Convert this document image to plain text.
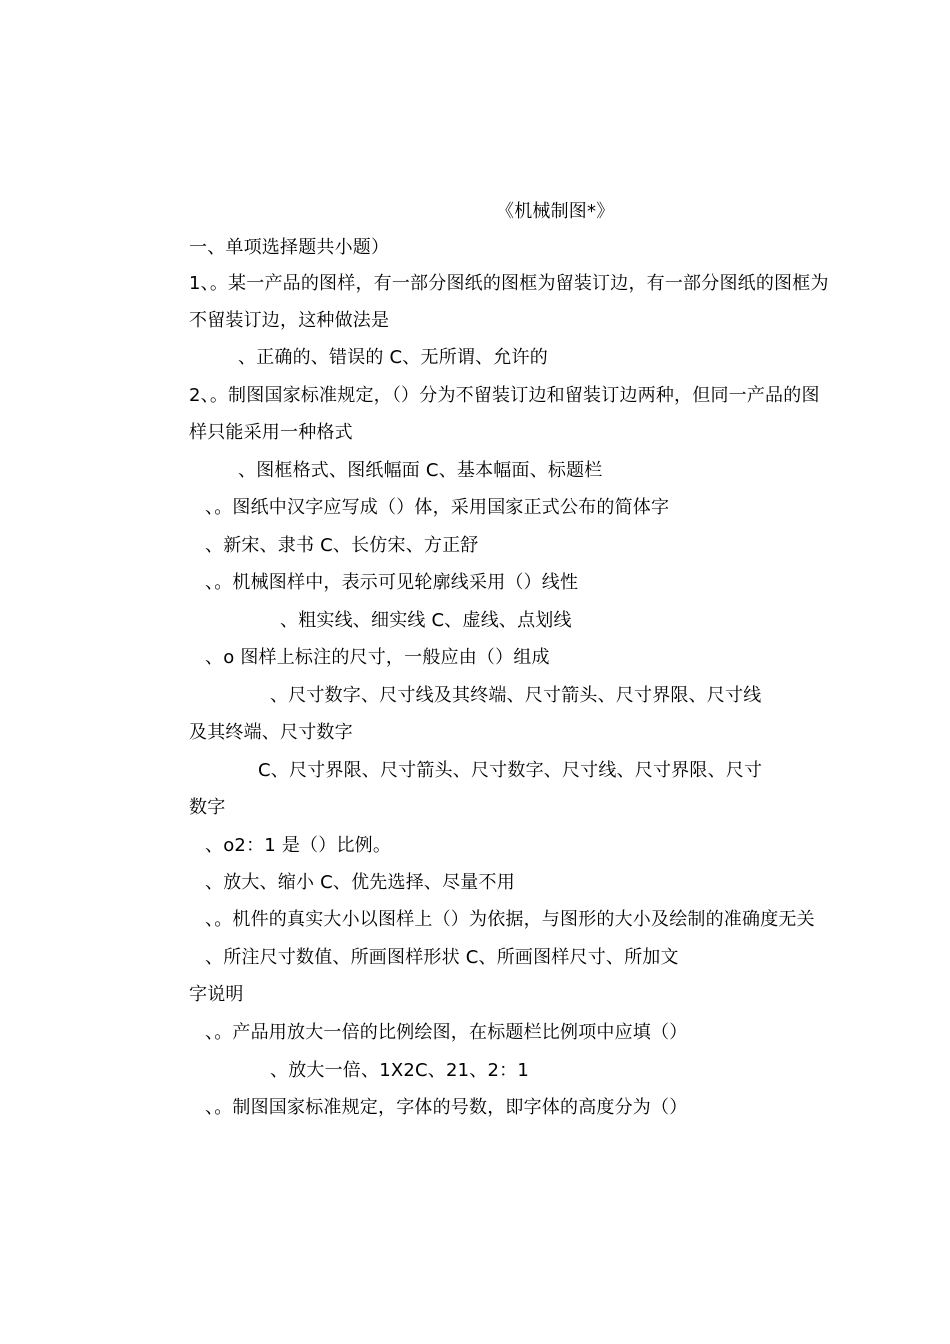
《机械制图*》
一、单项选择题共小题）
1、。某一产品的图样，有一部分图纸的图框为留装订边，有一部分图纸的图框为
不留装订边，这种做法是
、正确的、错误的 C、无所谓、允许的
2、。制图国家标准规定，（）分为不留装订边和留装订边两种，但同一产品的图
样只能采用一种格式
、图框格式、图纸幅面 C、基本幅面、标题栏
、。图纸中汉字应写成（）体，采用国家正式公布的简体字
、新宋、隶书 C、长仿宋、方正舒
、。机械图样中，表示可见轮廓线采用（）线性
、粗实线、细实线 C、虚线、点划线
、o 图样上标注的尺寸，一般应由（）组成
、尺寸数字、尺寸线及其终端、尺寸箭头、尺寸界限、尺寸线
及其终端、尺寸数字
C、尺寸界限、尺寸箭头、尺寸数字、尺寸线、尺寸界限、尺寸
数字
、o2：1 是（）比例。
、放大、缩小 C、优先选择、尽量不用
、。机件的真实大小以图样上（）为依据，与图形的大小及绘制的准确度无关
、所注尺寸数值、所画图样形状 C、所画图样尺寸、所加文
字说明
、。产品用放大一倍的比例绘图，在标题栏比例项中应填（）
、放大一倍、1X2C、21、2：1
、。制图国家标准规定，字体的号数，即字体的高度分为（）
